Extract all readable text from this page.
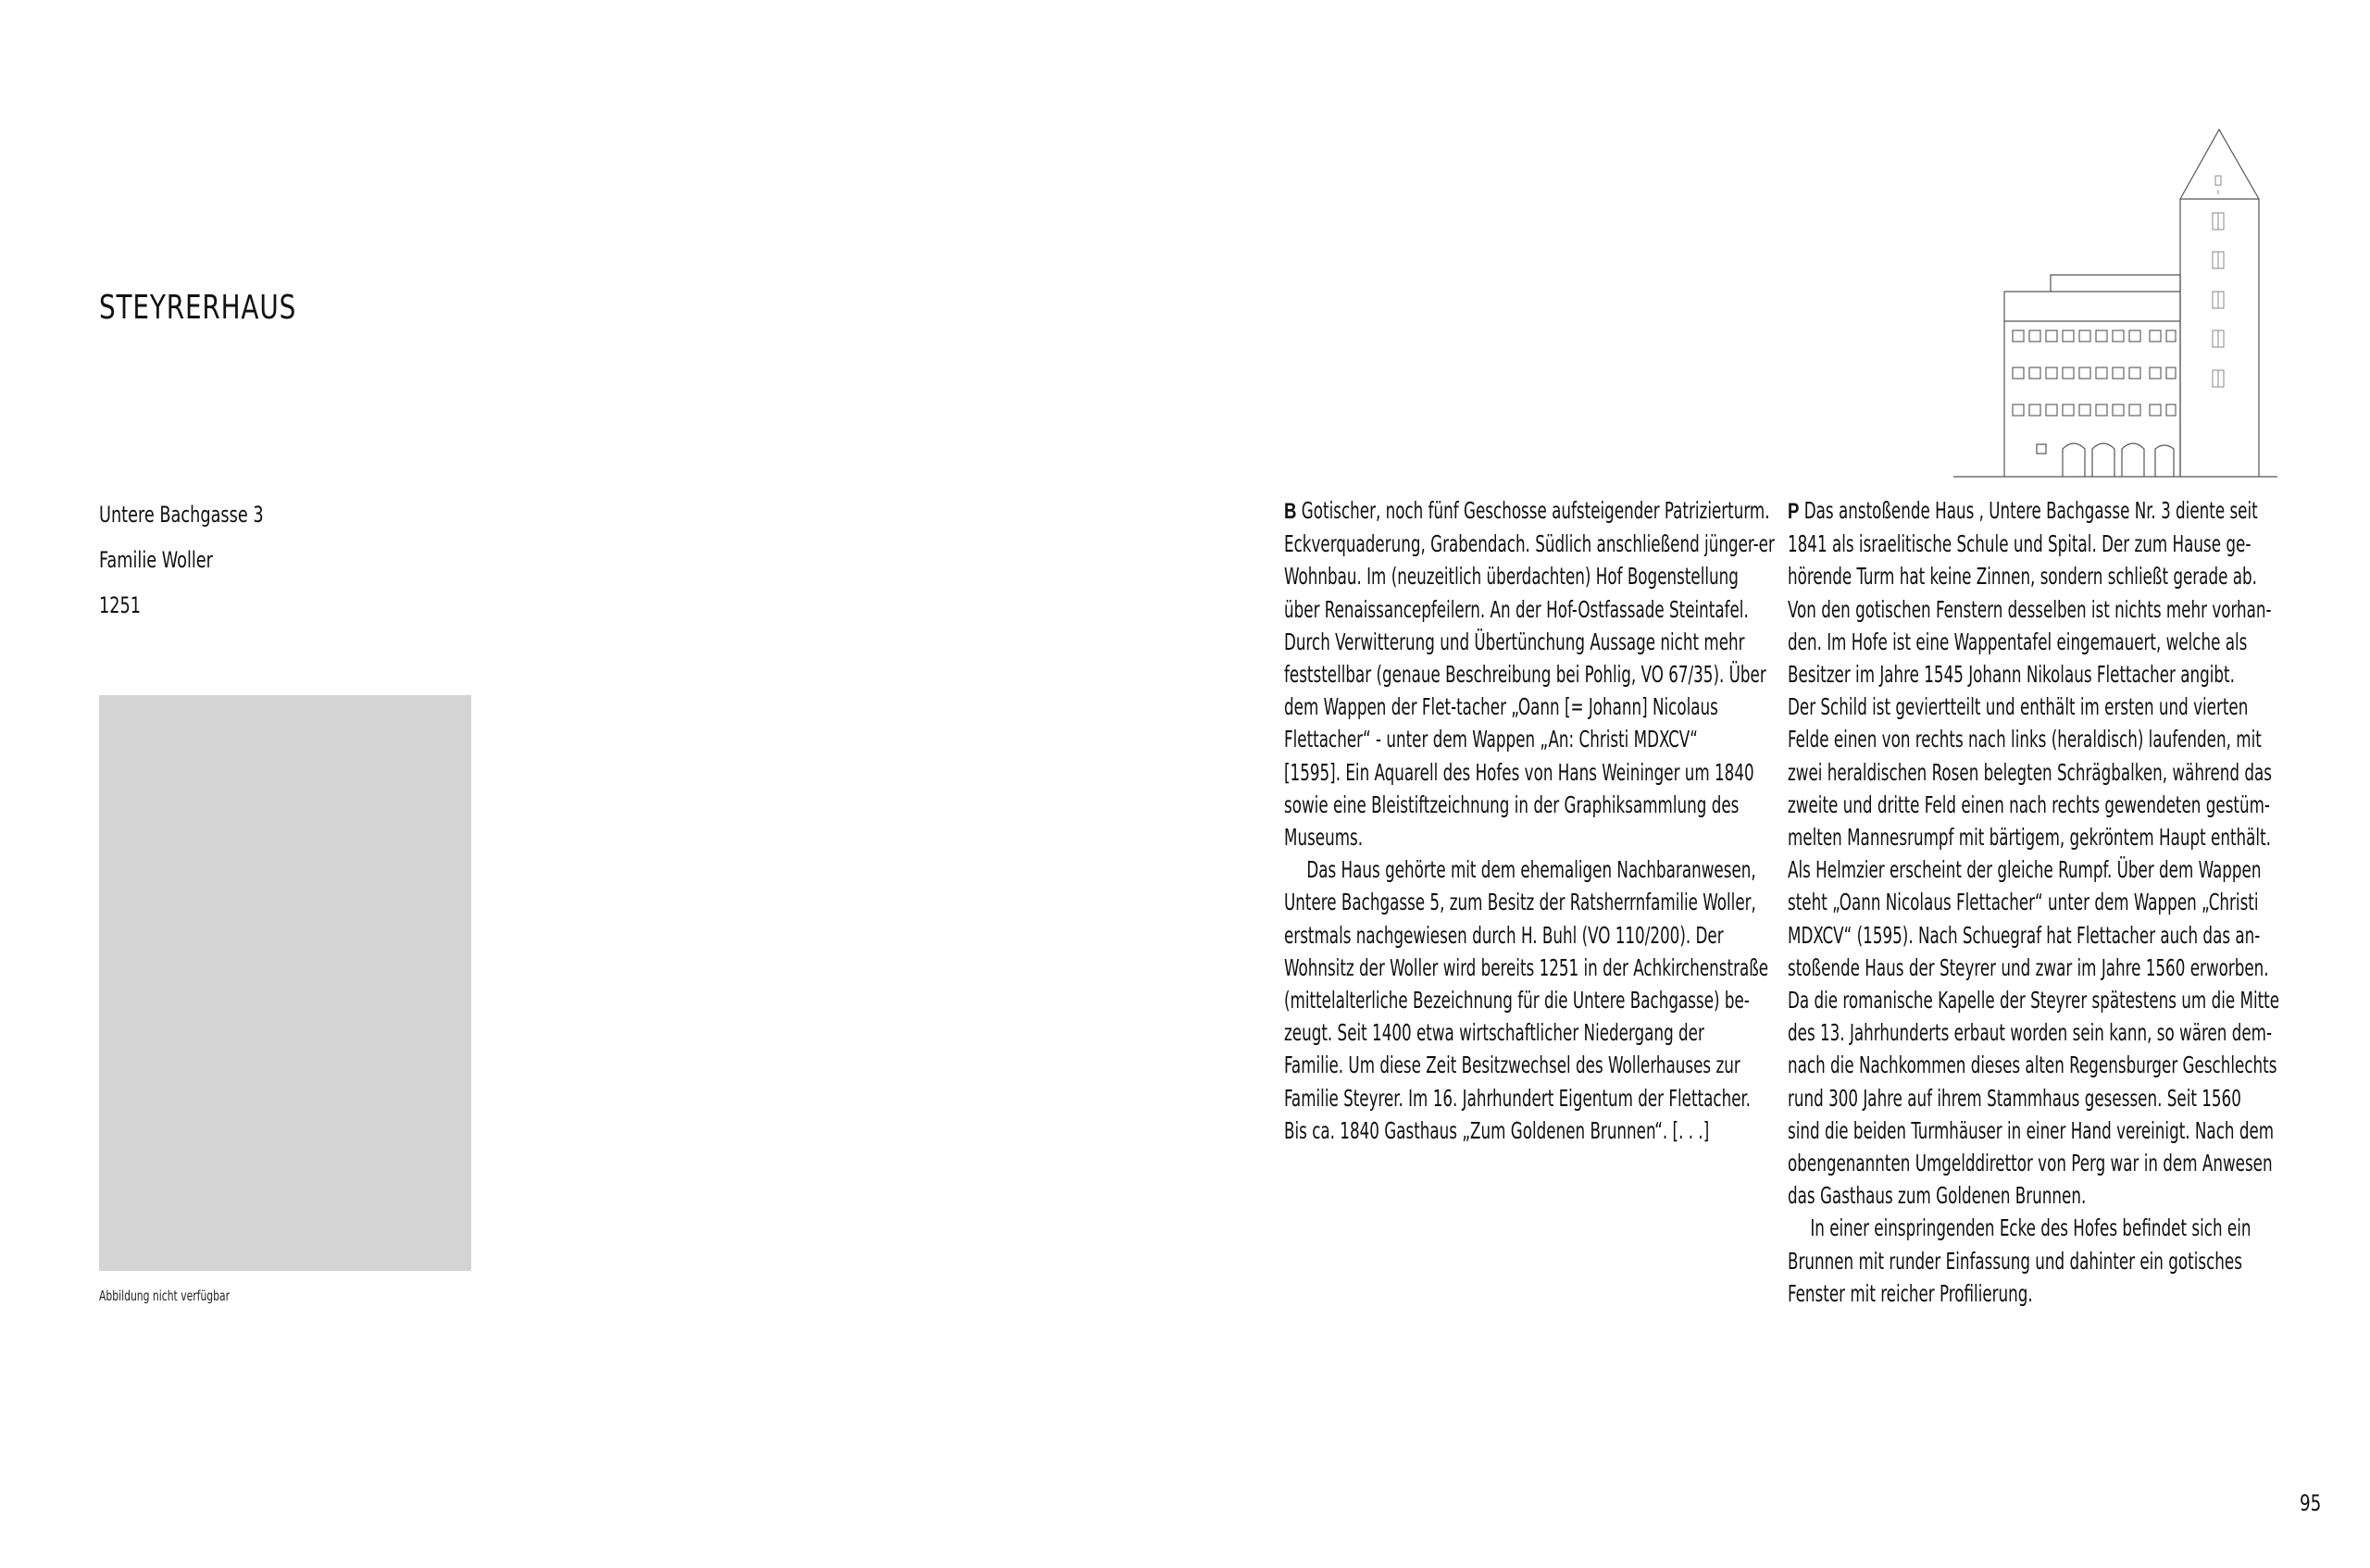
STEYRERHAUS
Untere Bachgasse 3
Familie Woller
1251
Abbildung nicht verfügbar

B Gotischer, noch fünf Geschosse aufsteigender Patrizierturm.
Eckverquaderung, Grabendach. Südlich anschließend jünger-er
Wohnbau. Im (neuzeitlich überdachten) Hof Bogenstellung
über Renaissancepfeilern. An der Hof-Ostfassade Steintafel.
Durch Verwitterung und Übertünchung Aussage nicht mehr
feststellbar (genaue Beschreibung bei Pohlig, VO 67/35). Über
dem Wappen der Flet-tacher „Oann [= Johann] Nicolaus
Flettacher“ - unter dem Wappen „An: Christi MDXCV“
[1595]. Ein Aquarell des Hofes von Hans Weininger um 1840
sowie eine Bleistiftzeichnung in der Graphiksammlung des
Museums.

Das Haus gehörte mit dem ehemaligen Nachbaranwesen,
Untere Bachgasse 5, zum Besitz der Ratsherrnfamilie Woller,
erstmals nachgewiesen durch H. Buhl (VO 110/200). Der
Wohnsitz der Woller wird bereits 1251 in der Achkirchenstraße
(mittelalterliche Bezeichnung für die Untere Bachgasse) be-
zeugt. Seit 1400 etwa wirtschaftlicher Niedergang der
Familie. Um diese Zeit Besitzwechsel des Wollerhauses zur
Familie Steyrer. Im 16. Jahrhundert Eigentum der Flettacher.
Bis ca. 1840 Gasthaus „Zum Goldenen Brunnen“. [. . .]

P Das anstoßende Haus , Untere Bachgasse Nr. 3 diente seit
1841 als israelitische Schule und Spital. Der zum Hause ge-
hörende Turm hat keine Zinnen, sondern schließt gerade ab.
Von den gotischen Fenstern desselben ist nichts mehr vorhan-
den. Im Hofe ist eine Wappentafel eingemauert, welche als
Besitzer im Jahre 1545 Johann Nikolaus Flettacher angibt.
Der Schild ist geviertteilt und enthält im ersten und vierten
Felde einen von rechts nach links (heraldisch) laufenden, mit
zwei heraldischen Rosen belegten Schrägbalken, während das
zweite und dritte Feld einen nach rechts gewendeten gestüm-
melten Mannesrumpf mit bärtigem, gekröntem Haupt enthält.
Als Helmzier erscheint der gleiche Rumpf. Über dem Wappen
steht „Oann Nicolaus Flettacher“ unter dem Wappen „Christi
MDXCV“ (1595). Nach Schuegraf hat Flettacher auch das an-
stoßende Haus der Steyrer und zwar im Jahre 1560 erworben.
Da die romanische Kapelle der Steyrer spätestens um die Mitte
des 13. Jahrhunderts erbaut worden sein kann, so wären dem-
nach die Nachkommen dieses alten Regensburger Geschlechts
rund 300 Jahre auf ihrem Stammhaus gesessen. Seit 1560
sind die beiden Turmhäuser in einer Hand vereinigt. Nach dem
obengenannten Umgelddirettor von Perg war in dem Anwesen
das Gasthaus zum Goldenen Brunnen.

In einer einspringenden Ecke des Hofes befindet sich ein
Brunnen mit runder Einfassung und dahinter ein gotisches
Fenster mit reicher Profilierung.

95
